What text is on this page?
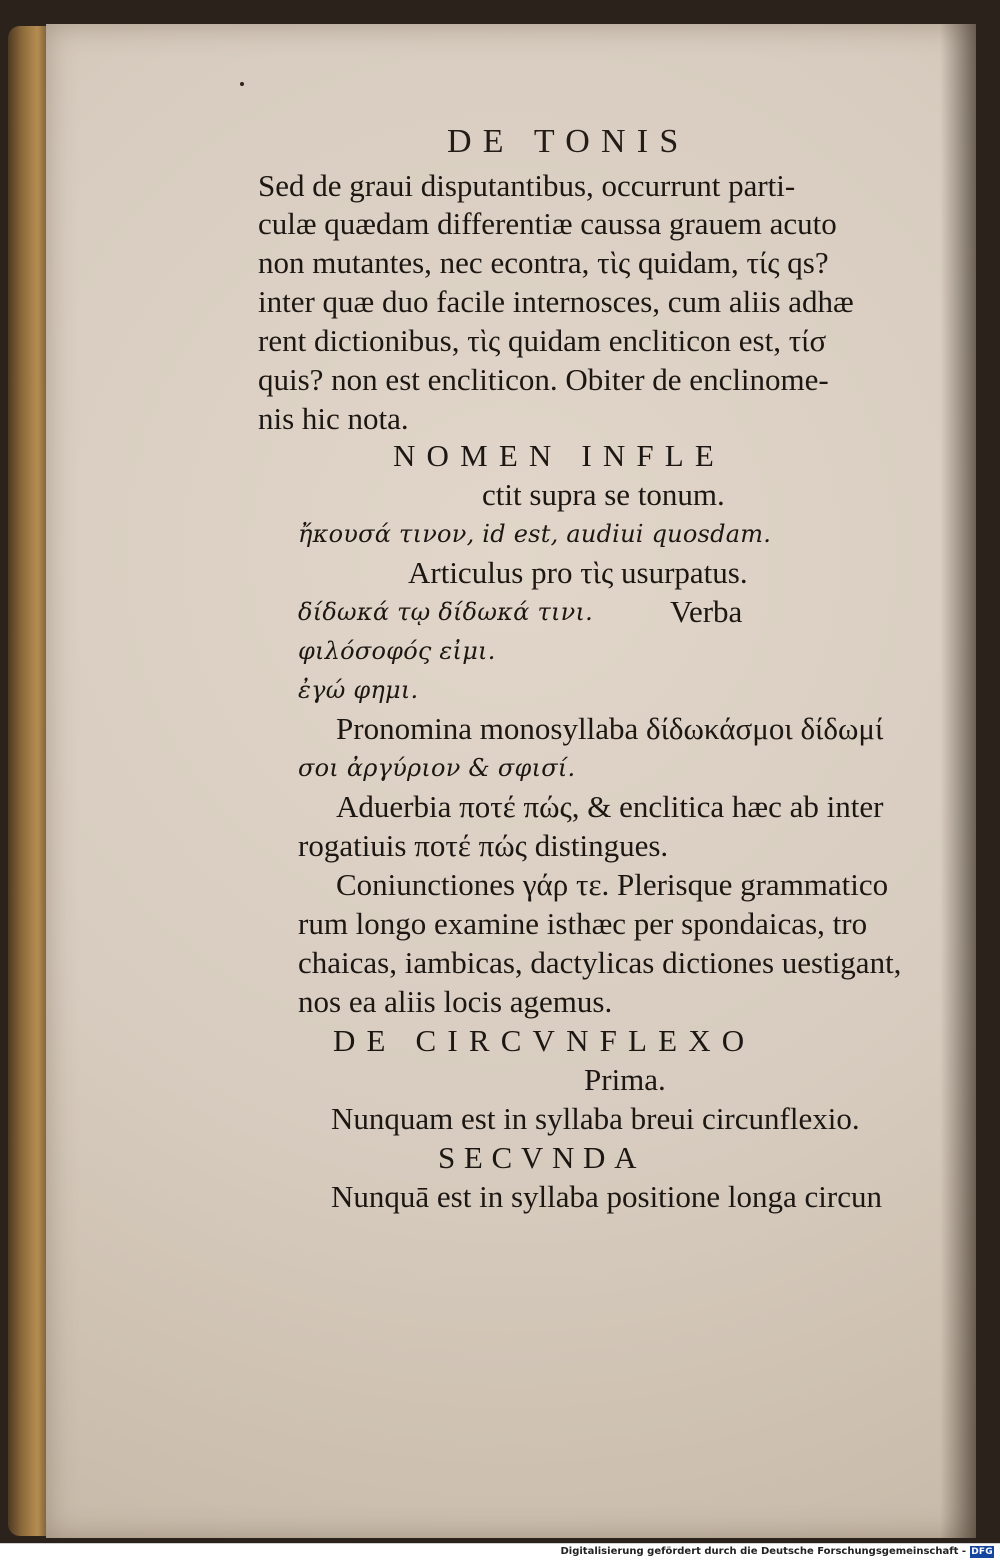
DE TONIS
Sed de graui disputantibus, occurrunt parti-
culæ quædam differentiæ caussa grauem acuto
non mutantes, nec econtra, τὶς quidam, τίς qs?
inter quæ duo facile internosces, cum aliis adhæ
rent dictionibus, τὶς quidam encliticon est, τίσ
quis? non est encliticon. Obiter de enclinome-
nis hic nota.
NOMEN INFLE
ctit supra se tonum.
ἤκουσά τινον, id est, audiui quosdam.
Articulus pro τὶς usurpatus.
δίδωκά τῳ δίδωκά τινι. Verba
φιλόσοφός εἰμι.
ἐγώ φημι.
Pronomina monosyllaba δίδωκάσμοι δίδωμί
σοι ἀργύριον & σφισί.
Aduerbia ποτέ πώς, & enclitica hæc ab inter
rogatiuis πoτέ πώς distingues.
Coniunctiones γάρ τε. Plerisque grammatico
rum longo examine isthæc per spondaicas, tro
chaicas, iambicas, dactylicas dictiones uestigant,
nos ea aliis locis agemus.
DE CIRCVNFLEXO
Prima.
Nunquam est in syllaba breui circunflexio.
SECVNDA
Nunquā est in syllaba positione longa circun
Digitalisierung gefördert durch die Deutsche Forschungsgemeinschaft - DFG
